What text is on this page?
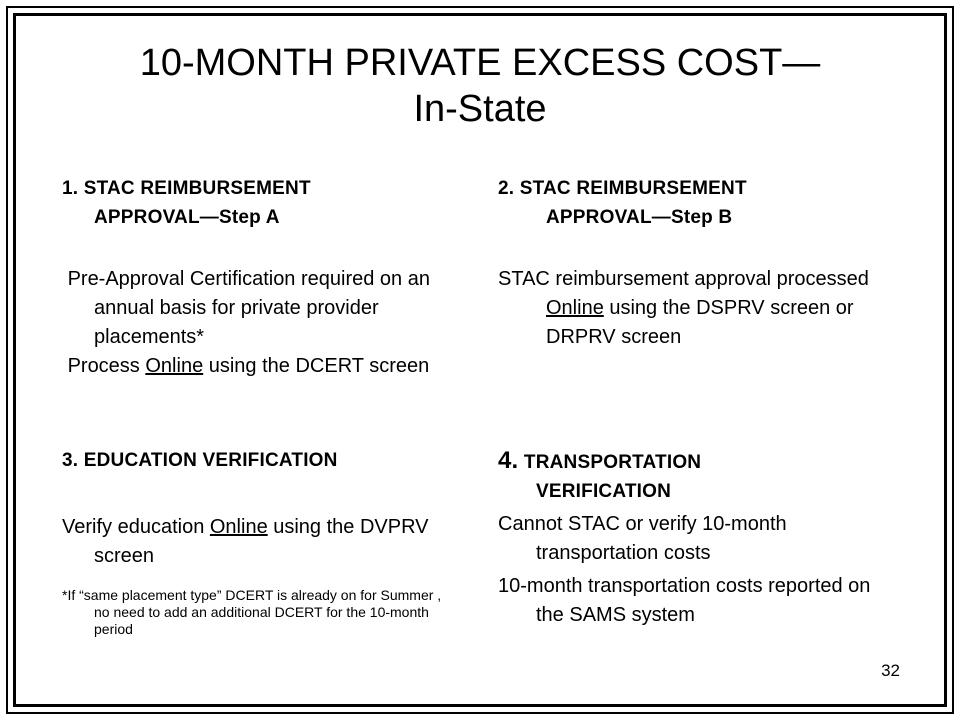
10-MONTH PRIVATE EXCESS COST—
In-State
1. STAC REIMBURSEMENT
APPROVAL—Step A

Pre-Approval Certification required on an annual basis for private provider placements*

Process Online using the DCERT screen

2. STAC REIMBURSEMENT
APPROVAL—Step B

STAC reimbursement approval processed Online using the DSPRV screen or DRPRV screen

3. EDUCATION VERIFICATION

Verify education Online using the DVPRV screen

*If “same placement type” DCERT is already on for Summer , no need to add an additional DCERT for the 10-month period

4. TRANSPORTATION
VERIFICATION

Cannot STAC or verify 10-month transportation costs

10-month transportation costs reported on the SAMS system

32
